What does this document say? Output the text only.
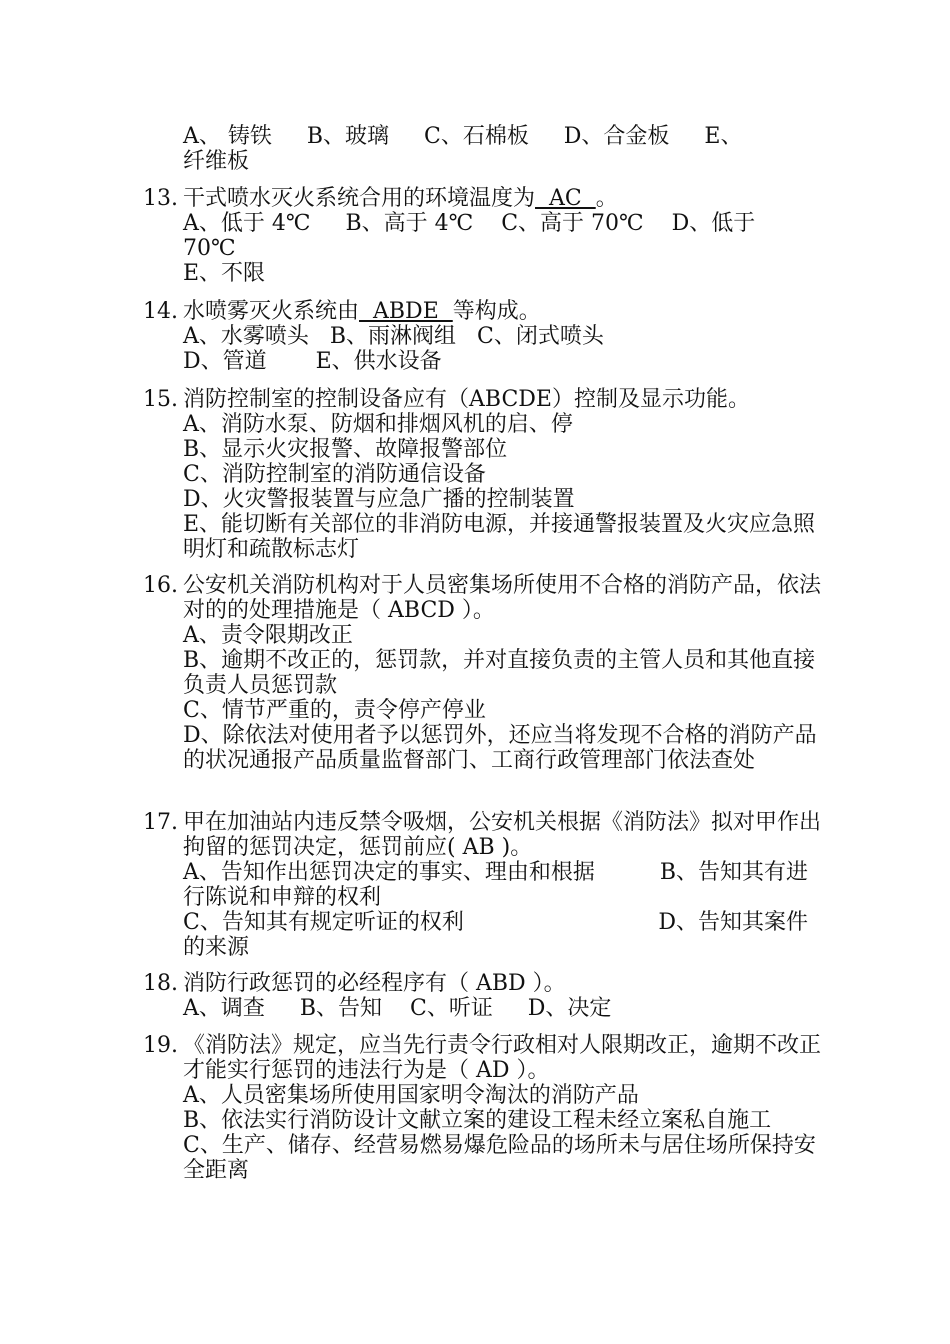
A、 铸铁     B、玻璃     C、石棉板     D、合金板     E、
纤维板
13. 干式喷水灭火系统合用的环境温度为  AC  。
A、低于 4℃     B、高于 4℃    C、高于 70℃    D、低于
70℃
E、不限
14. 水喷雾灭火系统由  ABDE  等构成。
A、水雾喷头   B、雨淋阀组   C、闭式喷头
D、管道       E、供水设备
15. 消防控制室的控制设备应有（ABCDE）控制及显示功能。
A、消防水泵、防烟和排烟风机的启、停
B、显示火灾报警、故障报警部位
C、消防控制室的消防通信设备
D、火灾警报装置与应急广播的控制装置
E、能切断有关部位的非消防电源，并接通警报装置及火灾应急照明灯和疏散标志灯
16. 公安机关消防机构对于人员密集场所使用不合格的消防产品，依法对的的处理措施是（ ABCD ）。
A、责令限期改正
B、逾期不改正的，惩罚款，并对直接负责的主管人员和其他直接负责人员惩罚款
C、情节严重的，责令停产停业
D、除依法对使用者予以惩罚外，还应当将发现不合格的消防产品的状况通报产品质量监督部门、工商行政管理部门依法查处
17. 甲在加油站内违反禁令吸烟，公安机关根据《消防法》拟对甲作出拘留的惩罚决定，惩罚前应( AB )。
A、告知作出惩罚决定的事实、理由和根据	B、告知其有进
行陈说和申辩的权利
C、告知其有规定听证的权利	D、告知其案件
的来源
18. 消防行政惩罚的必经程序有（ ABD ）。
A、调查     B、告知    C、听证     D、决定
19. 《消防法》规定，应当先行责令行政相对人限期改正，逾期不改正才能实行惩罚的违法行为是（ AD ）。
A、人员密集场所使用国家明令淘汰的消防产品
B、依法实行消防设计文献立案的建设工程未经立案私自施工
C、生产、储存、经营易燃易爆危险品的场所未与居住场所保持安全距离
